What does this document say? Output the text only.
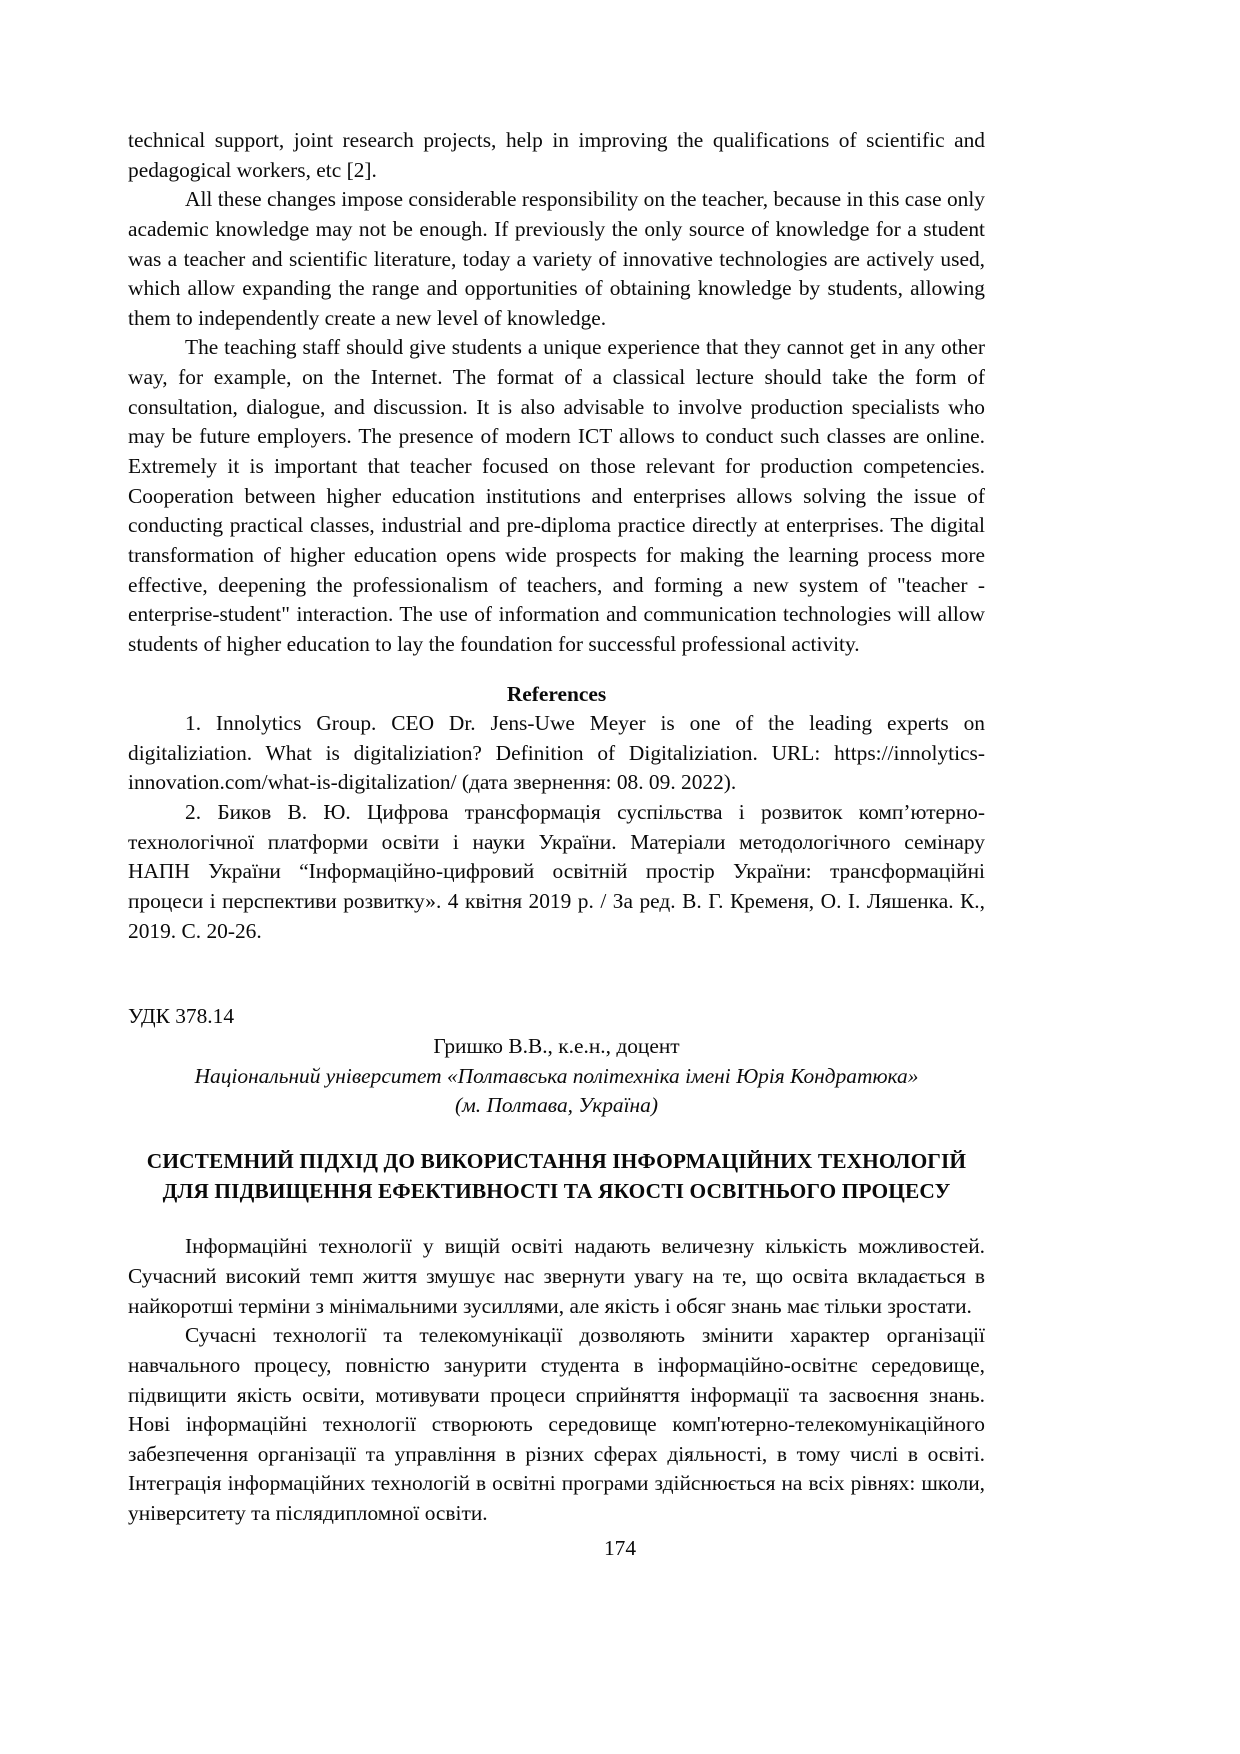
technical support, joint research projects, help in improving the qualifications of scientific and pedagogical workers, etc [2].

All these changes impose considerable responsibility on the teacher, because in this case only academic knowledge may not be enough. If previously the only source of knowledge for a student was a teacher and scientific literature, today a variety of innovative technologies are actively used, which allow expanding the range and opportunities of obtaining knowledge by students, allowing them to independently create a new level of knowledge.

The teaching staff should give students a unique experience that they cannot get in any other way, for example, on the Internet. The format of a classical lecture should take the form of consultation, dialogue, and discussion. It is also advisable to involve production specialists who may be future employers. The presence of modern ICT allows to conduct such classes are online. Extremely it is important that teacher focused on those relevant for production competencies. Cooperation between higher education institutions and enterprises allows solving the issue of conducting practical classes, industrial and pre-diploma practice directly at enterprises. The digital transformation of higher education opens wide prospects for making the learning process more effective, deepening the professionalism of teachers, and forming a new system of "teacher -enterprise-student" interaction. The use of information and communication technologies will allow students of higher education to lay the foundation for successful professional activity.

References

1. Innolytics Group. CEO Dr. Jens-Uwe Meyer is one of the leading experts on digitaliziation. What is digitaliziation? Definition of Digitaliziation. URL: https://innolytics-innovation.com/what-is-digitalization/ (дата звернення: 08. 09. 2022).

2. Биков В. Ю. Цифрова трансформація суспільства і розвиток комп’ютерно-технологічної платформи освіти і науки України. Матеріали методологічного семінару НАПН України “Інформаційно-цифровий освітній простір України: трансформаційні процеси і перспективи розвитку». 4 квітня 2019 р. / За ред. В. Г. Кременя, О. І. Ляшенка. К., 2019. С. 20-26.

УДК 378.14
Гришко В.В., к.е.н., доцент
Національний університет «Полтавська політехніка імені Юрія Кондратюка»
(м. Полтава, Україна)
СИСТЕМНИЙ ПІДХІД ДО ВИКОРИСТАННЯ ІНФОРМАЦІЙНИХ ТЕХНОЛОГІЙ ДЛЯ ПІДВИЩЕННЯ ЕФЕКТИВНОСТІ ТА ЯКОСТІ ОСВІТНЬОГО ПРОЦЕСУ

Інформаційні технології у вищій освіті надають величезну кількість можливостей. Сучасний високий темп життя змушує нас звернути увагу на те, що освіта вкладається в найкоротші терміни з мінімальними зусиллями, але якість і обсяг знань має тільки зростати.

Сучасні технології та телекомунікації дозволяють змінити характер організації навчального процесу, повністю занурити студента в інформаційно-освітнє середовище, підвищити якість освіти, мотивувати процеси сприйняття інформації та засвоєння знань. Нові інформаційні технології створюють середовище комп'ютерно-телекомунікаційного забезпечення організації та управління в різних сферах діяльності, в тому числі в освіті. Інтеграція інформаційних технологій в освітні програми здійснюється на всіх рівнях: школи, університету та післядипломної освіти.

174
